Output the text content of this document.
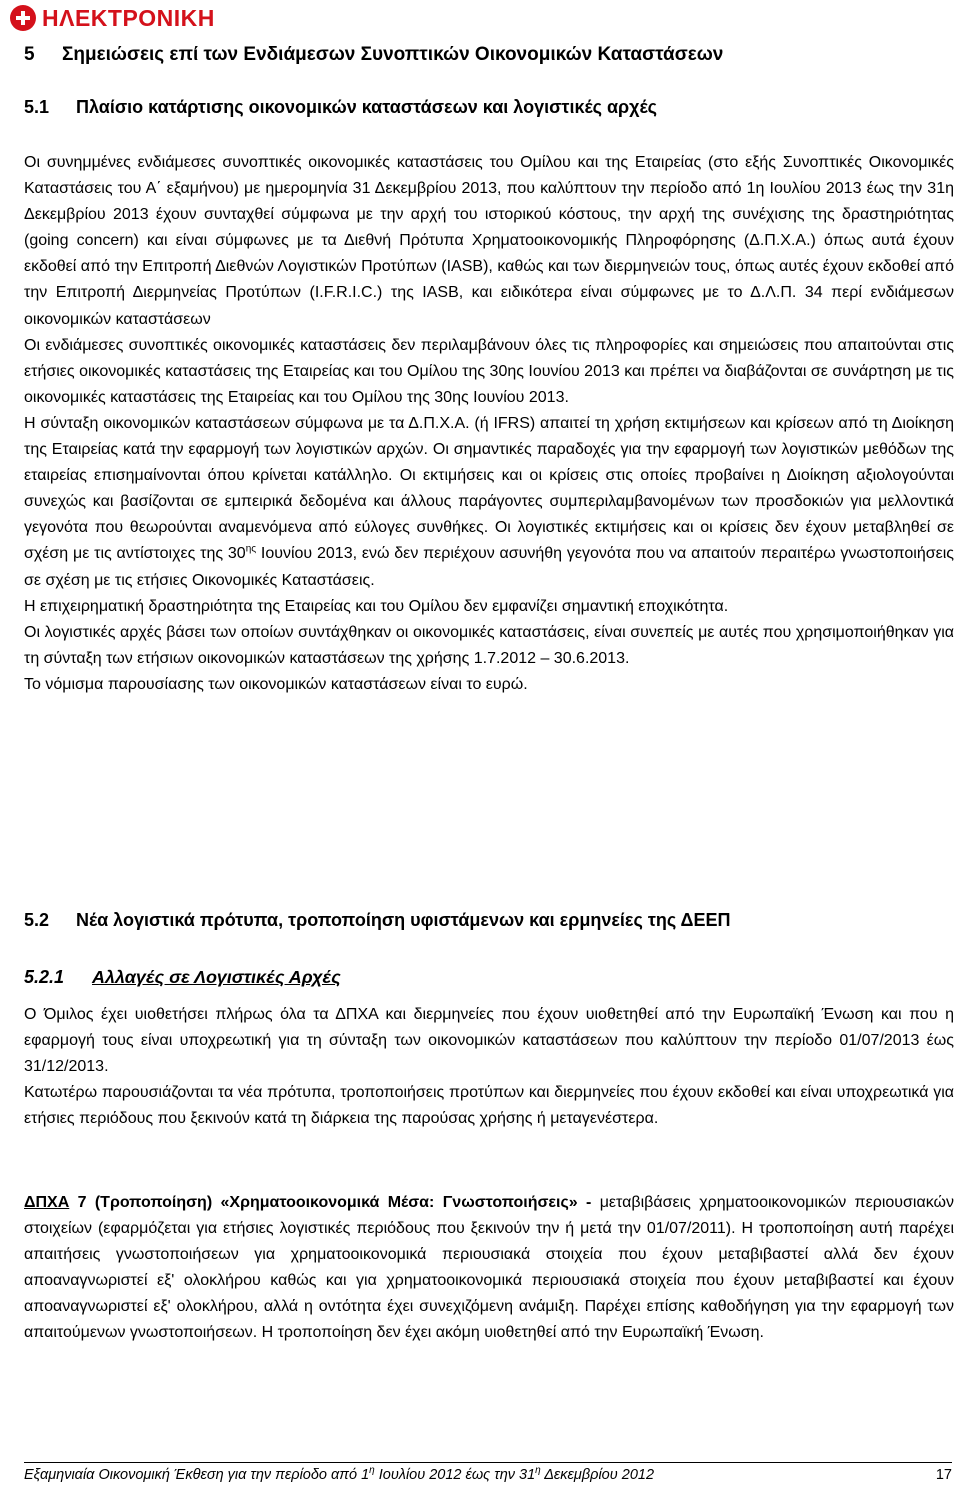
ΗΛΕΚΤΡΟΝΙΚΗ
5 Σημειώσεις επί των Ενδιάμεσων Συνοπτικών Οικονομικών Καταστάσεων
5.1 Πλαίσιο κατάρτισης οικονομικών καταστάσεων και λογιστικές αρχές

Οι συνημμένες ενδιάμεσες συνοπτικές οικονομικές καταστάσεις του Ομίλου και της Εταιρείας (στο εξής Συνοπτικές Οικονομικές Καταστάσεις του Α΄ εξαμήνου) με ημερομηνία 31 Δεκεμβρίου 2013, που καλύπτουν την περίοδο από 1η Ιουλίου 2013 έως την 31η Δεκεμβρίου 2013 έχουν συνταχθεί σύμφωνα με την αρχή του ιστορικού κόστους, την αρχή της συνέχισης της δραστηριότητας (going concern) και είναι σύμφωνες με τα Διεθνή Πρότυπα Χρηματοοικονομικής Πληροφόρησης (Δ.Π.Χ.Α.) όπως αυτά έχουν εκδοθεί από την Επιτροπή Διεθνών Λογιστικών Προτύπων (IASB), καθώς και των διερμηνειών τους, όπως αυτές έχουν εκδοθεί από την Επιτροπή Διερμηνείας Προτύπων (I.F.R.I.C.) της IASB, και ειδικότερα είναι σύμφωνες με το Δ.Λ.Π. 34 περί ενδιάμεσων οικονομικών καταστάσεων

Οι ενδιάμεσες συνοπτικές οικονομικές καταστάσεις δεν περιλαμβάνουν όλες τις πληροφορίες και σημειώσεις που απαιτούνται στις ετήσιες οικονομικές καταστάσεις της Εταιρείας και του Ομίλου της 30ης Ιουνίου 2013 και πρέπει να διαβάζονται σε συνάρτηση με τις οικονομικές καταστάσεις της Εταιρείας και του Ομίλου της 30ης Ιουνίου 2013.

Η σύνταξη οικονομικών καταστάσεων σύμφωνα με τα Δ.Π.Χ.Α. (ή IFRS) απαιτεί τη χρήση εκτιμήσεων και κρίσεων από τη Διοίκηση της Εταιρείας κατά την εφαρμογή των λογιστικών αρχών. Οι σημαντικές παραδοχές για την εφαρμογή των λογιστικών μεθόδων της εταιρείας επισημαίνονται όπου κρίνεται κατάλληλο. Οι εκτιμήσεις και οι κρίσεις στις οποίες προβαίνει η Διοίκηση αξιολογούνται συνεχώς και βασίζονται σε εμπειρικά δεδομένα και άλλους παράγοντες συμπεριλαμβανομένων των προσδοκιών για μελλοντικά γεγονότα που θεωρούνται αναμενόμενα από εύλογες συνθήκες. Οι λογιστικές εκτιμήσεις και οι κρίσεις δεν έχουν μεταβληθεί σε σχέση με τις αντίστοιχες της $30^{\eta\varsigma}$ Ιουνίου 2013, ενώ δεν περιέχουν ασυνήθη γεγονότα που να απαιτούν περαιτέρω γνωστοποιήσεις σε σχέση με τις ετήσιες Οικονομικές Καταστάσεις.

Η επιχειρηματική δραστηριότητα της Εταιρείας και του Ομίλου δεν εμφανίζει σημαντική εποχικότητα.

Οι λογιστικές αρχές βάσει των οποίων συντάχθηκαν οι οικονομικές καταστάσεις, είναι συνεπείς με αυτές που χρησιμοποιήθηκαν για τη σύνταξη των ετήσιων οικονομικών καταστάσεων της χρήσης 1.7.2012 – 30.6.2013.

Το νόμισμα παρουσίασης των οικονομικών καταστάσεων είναι το ευρώ.

5.2 Νέα λογιστικά πρότυπα, τροποποίηση υφιστάμενων και ερμηνείες της ΔΕΕΠ
5.2.1 Αλλαγές σε Λογιστικές Αρχές

Ο Όμιλος έχει υιοθετήσει πλήρως όλα τα ΔΠΧΑ και διερμηνείες που έχουν υιοθετηθεί από την Ευρωπαϊκή Ένωση και που η εφαρμογή τους είναι υποχρεωτική για τη σύνταξη των οικονομικών καταστάσεων που καλύπτουν την περίοδο 01/07/2013 έως 31/12/2013.

Κατωτέρω παρουσιάζονται τα νέα πρότυπα, τροποποιήσεις προτύπων και διερμηνείες που έχουν εκδοθεί και είναι υποχρεωτικά για ετήσιες περιόδους που ξεκινούν κατά τη διάρκεια της παρούσας χρήσης ή μεταγενέστερα.

ΔΠΧΑ 7 (Τροποποίηση) «Χρηματοοικονομικά Μέσα: Γνωστοποιήσεις» - μεταβιβάσεις χρηματοοικονομικών περιουσιακών στοιχείων (εφαρμόζεται για ετήσιες λογιστικές περιόδους που ξεκινούν την ή μετά την 01/07/2011). Η τροποποίηση αυτή παρέχει απαιτήσεις γνωστοποιήσεων για χρηματοοικονομικά περιουσιακά στοιχεία που έχουν μεταβιβαστεί αλλά δεν έχουν αποαναγνωριστεί εξ' ολοκλήρου καθώς και για χρηματοοικονομικά περιουσιακά στοιχεία που έχουν μεταβιβαστεί και έχουν αποαναγνωριστεί εξ' ολοκλήρου, αλλά η οντότητα έχει συνεχιζόμενη ανάμιξη. Παρέχει επίσης καθοδήγηση για την εφαρμογή των απαιτούμενων γνωστοποιήσεων. Η τροποποίηση δεν έχει ακόμη υιοθετηθεί από την Ευρωπαϊκή Ένωση.

Εξαμηνιαία Οικονομική Έκθεση για την περίοδο από $1^\eta$ Ιουλίου 2012 έως την $31^\eta$ Δεκεμβρίου 2012	17
